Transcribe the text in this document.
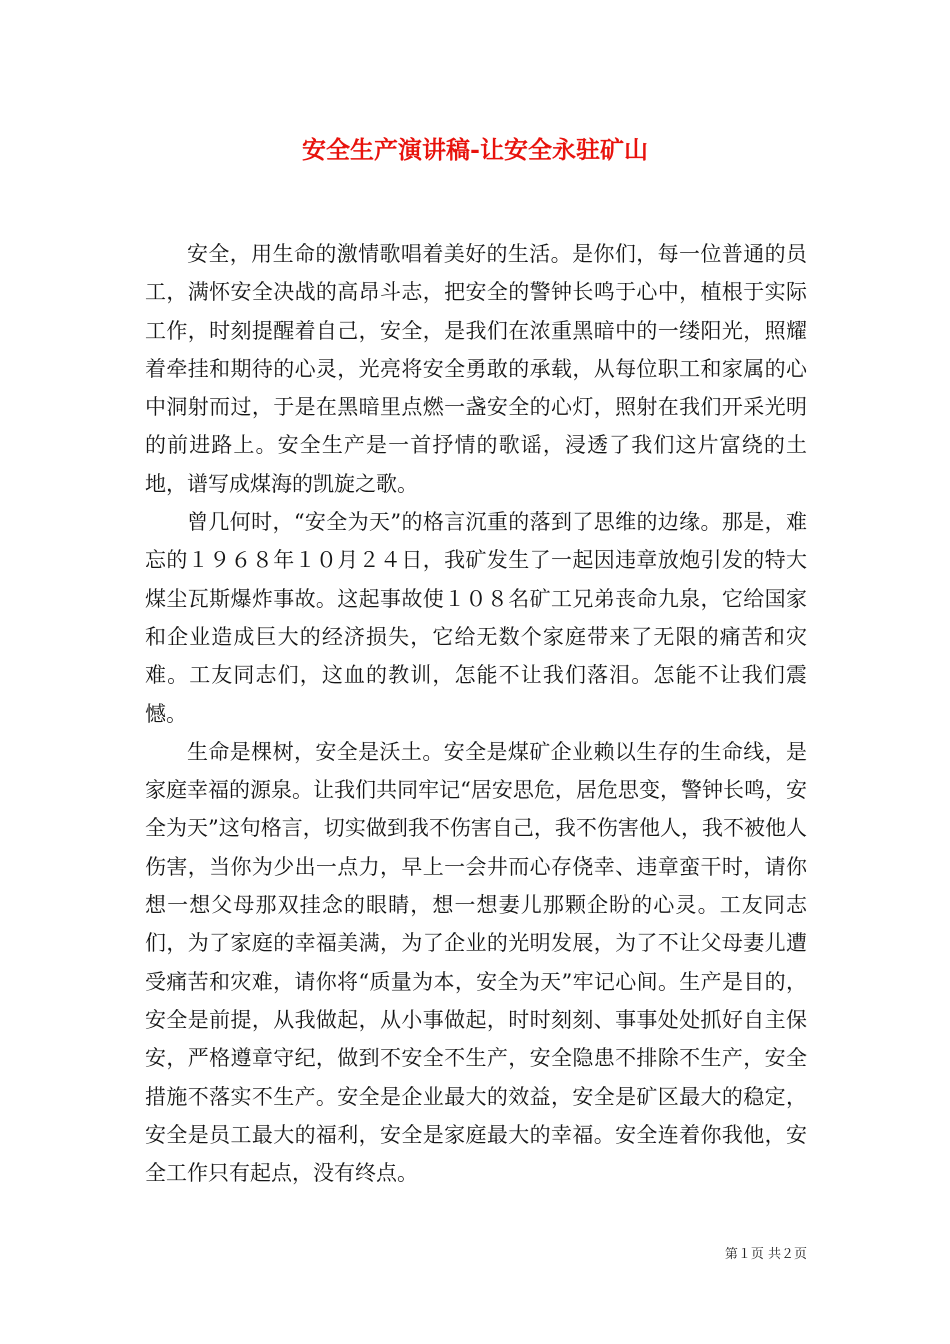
安全生产演讲稿-让安全永驻矿山

安全，用生命的激情歌唱着美好的生活。是你们，每一位普通的员工，满怀安全决战的高昂斗志，把安全的警钟长鸣于心中，植根于实际工作，时刻提醒着自己，安全，是我们在浓重黑暗中的一缕阳光，照耀着牵挂和期待的心灵，光亮将安全勇敢的承载，从每位职工和家属的心中洞射而过，于是在黑暗里点燃一盏安全的心灯，照射在我们开采光明的前进路上。安全生产是一首抒情的歌谣，浸透了我们这片富绕的土地，谱写成煤海的凯旋之歌。

曾几何时，“安全为天”的格言沉重的落到了思维的边缘。那是，难忘的１９６８年１０月２４日，我矿发生了一起因违章放炮引发的特大煤尘瓦斯爆炸事故。这起事故使１０８名矿工兄弟丧命九泉，它给国家和企业造成巨大的经济损失，它给无数个家庭带来了无限的痛苦和灾难。工友同志们，这血的教训，怎能不让我们落泪。怎能不让我们震憾。

生命是棵树，安全是沃土。安全是煤矿企业赖以生存的生命线，是家庭幸福的源泉。让我们共同牢记“居安思危，居危思变，警钟长鸣，安全为天”这句格言，切实做到我不伤害自己，我不伤害他人，我不被他人伤害，当你为少出一点力，早上一会井而心存侥幸、违章蛮干时，请你想一想父母那双挂念的眼睛，想一想妻儿那颗企盼的心灵。工友同志们，为了家庭的幸福美满，为了企业的光明发展，为了不让父母妻儿遭受痛苦和灾难，请你将“质量为本，安全为天”牢记心间。生产是目的，安全是前提，从我做起，从小事做起，时时刻刻、事事处处抓好自主保安，严格遵章守纪，做到不安全不生产，安全隐患不排除不生产，安全措施不落实不生产。安全是企业最大的效益，安全是矿区最大的稳定，安全是员工最大的福利，安全是家庭最大的幸福。安全连着你我他，安全工作只有起点，没有终点。

第１页 共２页
